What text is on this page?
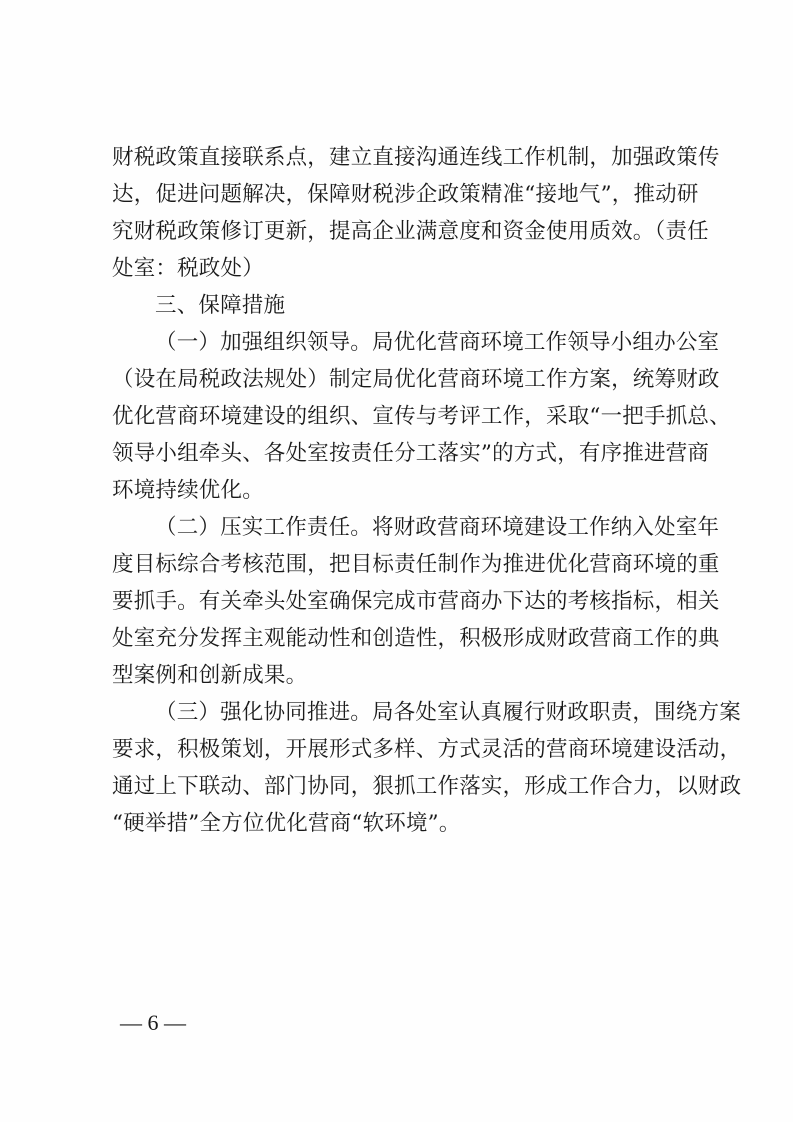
财税政策直接联系点，建立直接沟通连线工作机制，加强政策传
达，促进问题解决，保障财税涉企政策精准“接地气”，推动研
究财税政策修订更新，提高企业满意度和资金使用质效。（责任
处室：税政处）
三、保障措施
（一）加强组织领导。局优化营商环境工作领导小组办公室
（设在局税政法规处）制定局优化营商环境工作方案，统筹财政
优化营商环境建设的组织、宣传与考评工作，采取“一把手抓总、
领导小组牵头、各处室按责任分工落实”的方式，有序推进营商
环境持续优化。
（二）压实工作责任。将财政营商环境建设工作纳入处室年
度目标综合考核范围，把目标责任制作为推进优化营商环境的重
要抓手。有关牵头处室确保完成市营商办下达的考核指标，相关
处室充分发挥主观能动性和创造性，积极形成财政营商工作的典
型案例和创新成果。
（三）强化协同推进。局各处室认真履行财政职责，围绕方案
要求，积极策划，开展形式多样、方式灵活的营商环境建设活动，
通过上下联动、部门协同，狠抓工作落实，形成工作合力，以财政
“硬举措”全方位优化营商“软环境”。
— 6 —
